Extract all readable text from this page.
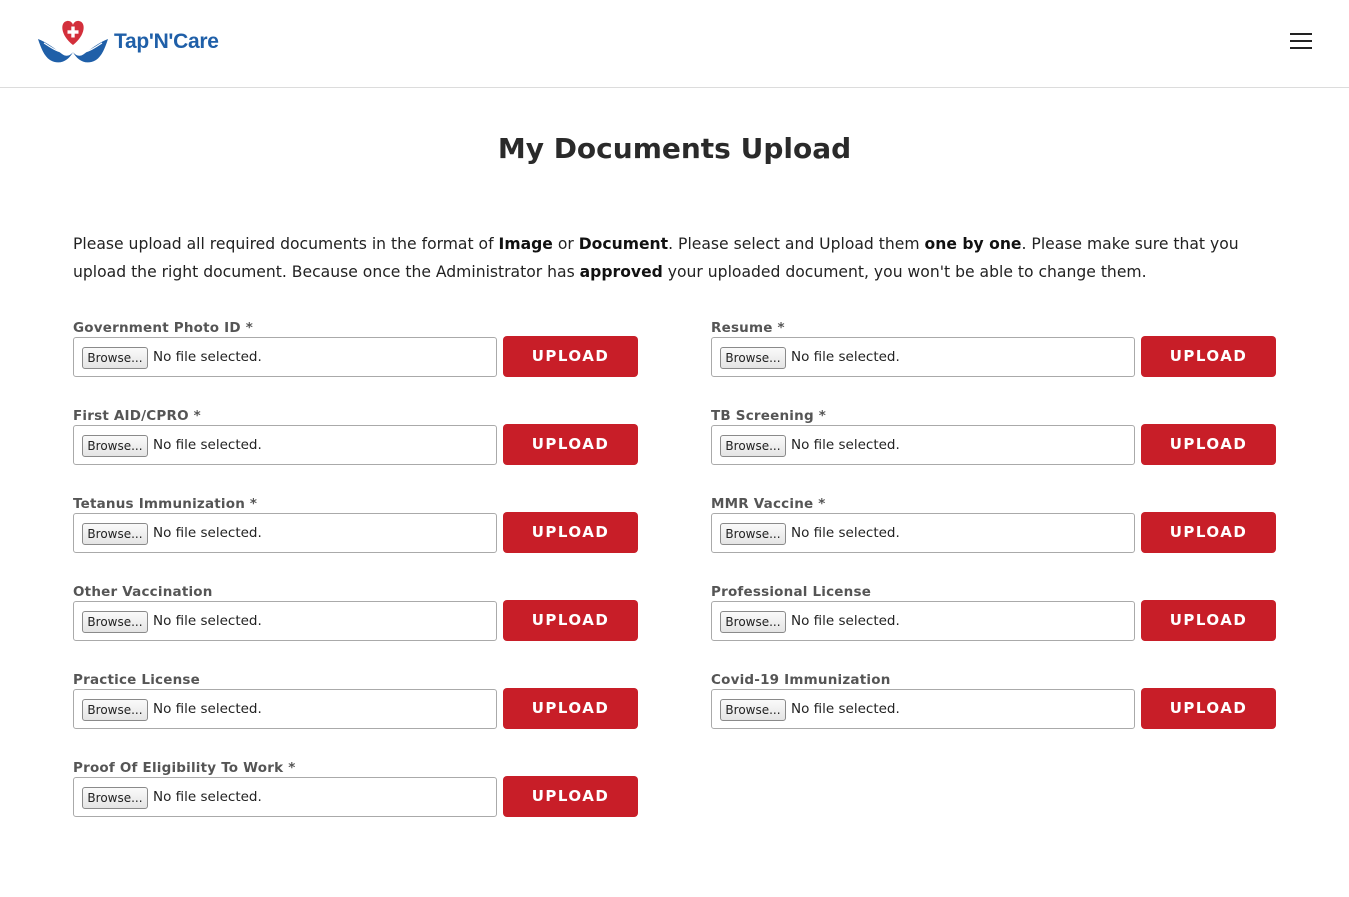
Tap'N'Care
My Documents Upload

Please upload all required documents in the format of Image or Document. Please select and Upload them one by one. Please make sure that you upload the right document. Because once the Administrator has approved your uploaded document, you won't be able to change them.

Government Photo ID *
Browse... No file selected.	UPLOAD
Resume *
Browse... No file selected.	UPLOAD
First AID/CPRO *
Browse... No file selected.	UPLOAD
TB Screening *
Browse... No file selected.	UPLOAD
Tetanus Immunization *
Browse... No file selected.	UPLOAD
MMR Vaccine *
Browse... No file selected.	UPLOAD
Other Vaccination
Browse... No file selected.	UPLOAD
Professional License
Browse... No file selected.	UPLOAD
Practice License
Browse... No file selected.	UPLOAD
Covid-19 Immunization
Browse... No file selected.	UPLOAD
Proof Of Eligibility To Work *
Browse... No file selected.	UPLOAD
